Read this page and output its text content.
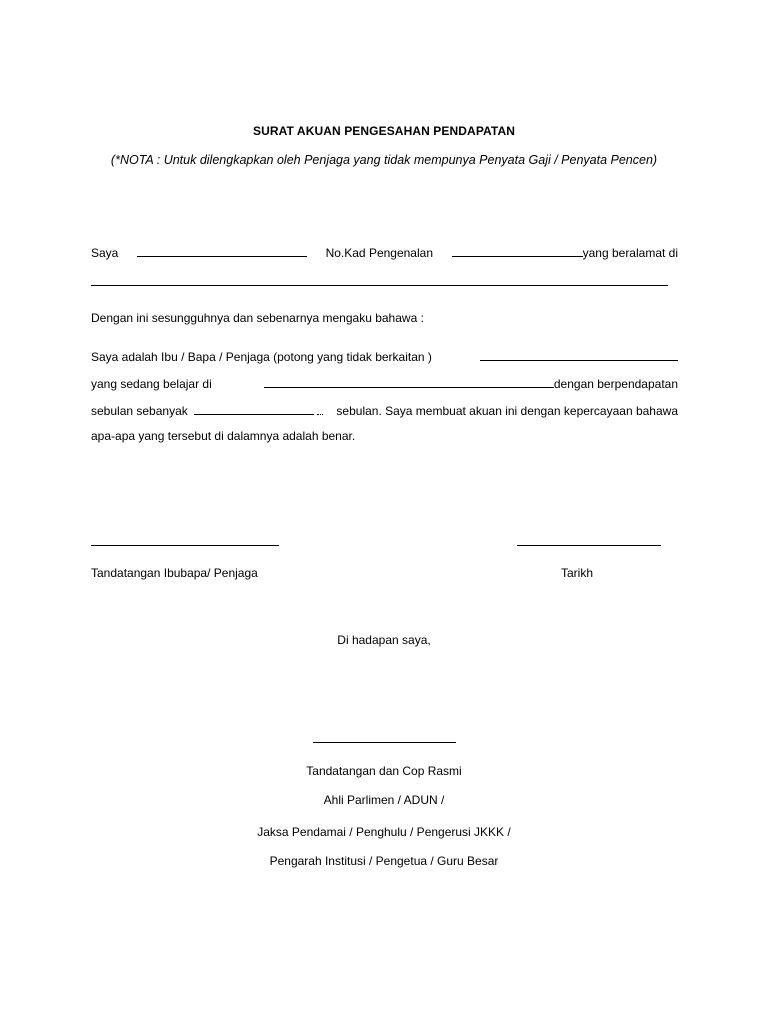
SURAT AKUAN PENGESAHAN PENDAPATAN
(*NOTA : Untuk dilengkapkan oleh Penjaga yang tidak mempunya Penyata Gaji / Penyata Pencen)
Saya	No.Kad Pengenalan	yang beralamat di
Dengan ini sesungguhnya dan sebenarnya mengaku bahawa :
Saya adalah Ibu / Bapa / Penjaga (potong yang tidak berkaitan )
yang sedang belajar di	dengan berpendapatan
sebulan sebanyak	sebulan. Saya membuat akuan ini dengan kepercayaan bahawa
apa-apa yang tersebut di dalamnya adalah benar.
Tandatangan Ibubapa/ Penjaga	Tarikh
Di hadapan saya,
Tandatangan dan Cop Rasmi
Ahli Parlimen / ADUN /
Jaksa Pendamai / Penghulu / Pengerusi JKKK /
Pengarah Institusi / Pengetua / Guru Besar
